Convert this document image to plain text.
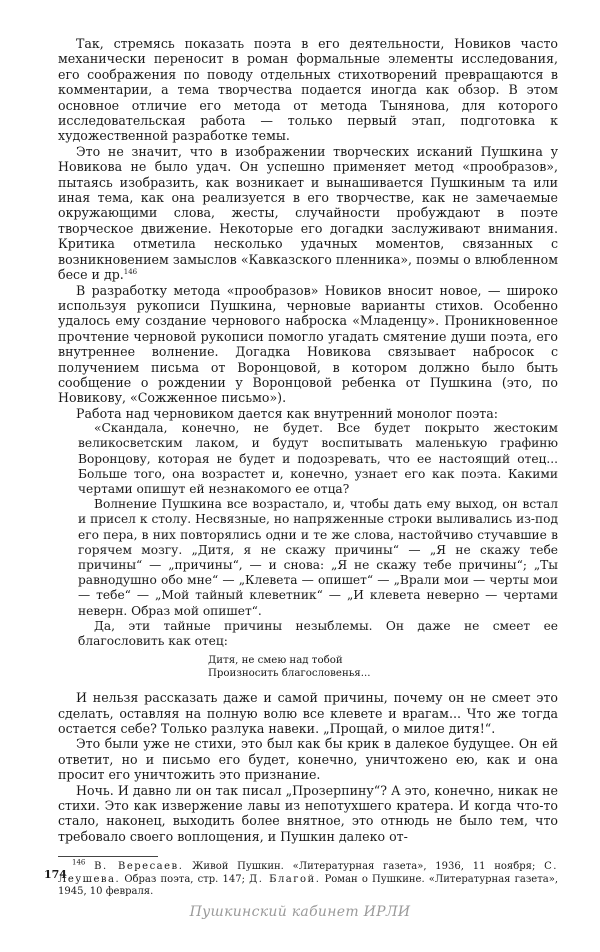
Так, стремясь показать поэта в его деятельности, Новиков часто механически переносит в роман формальные элементы исследования, его соображения по поводу отдельных стихотворений превращаются в комментарии, а тема творчества подается иногда как обзор. В этом основное отличие его метода от метода Тынянова, для которого исследовательская работа — только первый этап, подготовка к художественной разработке темы.

Это не значит, что в изображении творческих исканий Пушкина у Новикова не было удач. Он успешно применяет метод «прообразов», пытаясь изобразить, как возникает и вынашивается Пушкиным та или иная тема, как она реализуется в его творчестве, как не замечаемые окружающими слова, жесты, случайности пробуждают в поэте творческое движение. Некоторые его догадки заслуживают внимания. Критика отметила несколько удачных моментов, связанных с возникновением замыслов «Кавказского пленника», поэмы о влюбленном бесе и др.$^{146}$

В разработку метода «прообразов» Новиков вносит новое, — широко используя рукописи Пушкина, черновые варианты стихов. Особенно удалось ему создание чернового наброска «Младенцу». Проникновенное прочтение черновой рукописи помогло угадать смятение души поэта, его внутреннее волнение. Догадка Новикова связывает набросок с получением письма от Воронцовой, в котором должно было быть сообщение о рождении у Воронцовой ребенка от Пушкина (это, по Новикову, «Сожженное письмо»).

Работа над черновиком дается как внутренний монолог поэта:

«Скандала, конечно, не будет. Все будет покрыто жестоким великосветским лаком, и будут воспитывать маленькую графиню Воронцову, которая не будет и подозревать, что ее настоящий отец... Больше того, она возрастет и, конечно, узнает его как поэта. Какими чертами опишут ей незнакомого ее отца?

Волнение Пушкина все возрастало, и, чтобы дать ему выход, он встал и присел к столу. Несвязные, но напряженные строки выливались из-под его пера, в них повторялись одни и те же слова, настойчиво стучавшие в горячем мозгу. „Дитя, я не скажу причины“ — „Я не скажу тебе причины“ — „причины“, — и снова: „Я не скажу тебе причины“; „Ты равнодушно обо мне“ — „Клевета — опишет“ — „Врали мои — черты мои — тебе“ — „Мой тайный клеветник“ — „И клевета неверно — чертами неверн. Образ мой опишет“.

Да, эти тайные причины незыблемы. Он даже не смеет ее благословить как отец:

Дитя, не смею над тобой
Произносить благословенья...

И нельзя рассказать даже и самой причины, почему он не смеет это сделать, оставляя на полную волю все клевете и врагам... Что же тогда остается себе? Только разлука навеки. „Прощай, о милое дитя!“.

Это были уже не стихи, это был как бы крик в далекое будущее. Он ей ответит, но и письмо его будет, конечно, уничтожено ею, как и она просит его уничтожить это признание.

Ночь. И давно ли он так писал „Прозерпину“? А это, конечно, никак не стихи. Это как извержение лавы из непотухшего кратера. И когда что-то стало, наконец, выходить более внятное, это отнюдь не было тем, что требовало своего воплощения, и Пушкин далеко от-

$^{146}$ В. Вересаев. Живой Пушкин. «Литературная газета», 1936, 11 ноября; С. Леушева. Образ поэта, стр. 147; Д. Благой. Роман о Пушкине. «Литературная газета», 1945, 10 февраля.

174
Пушкинский кабинет ИРЛИ
